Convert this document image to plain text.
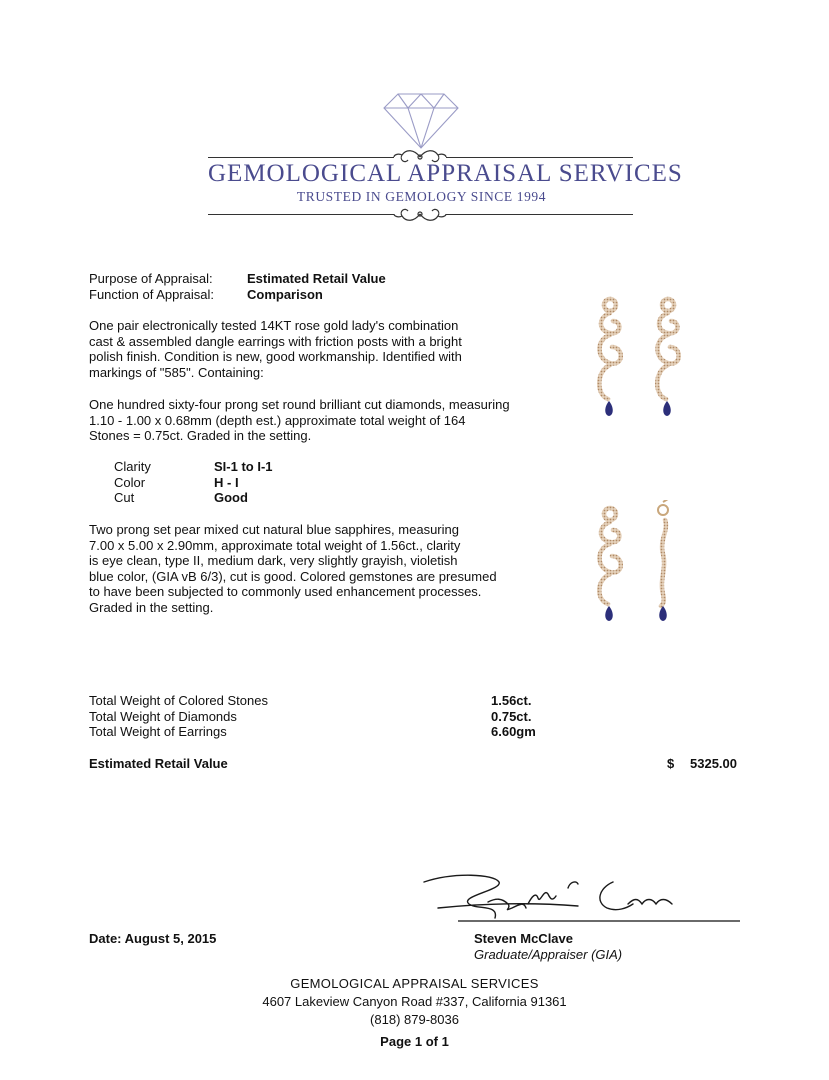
GEMOLOGICAL APPRAISAL SERVICES
TRUSTED IN GEMOLOGY SINCE 1994
Purpose of Appraisal:	Estimated Retail Value
Function of Appraisal:	Comparison
One pair electronically tested 14KT rose gold lady's combination
cast & assembled dangle earrings with friction posts with a bright
polish finish. Condition is new, good workmanship. Identified with
markings of "585". Containing:
One hundred sixty-four prong set round brilliant cut diamonds, measuring
1.10 - 1.00 x 0.68mm (depth est.) approximate total weight of 164
Stones = 0.75ct. Graded in the setting.
Clarity	SI-1 to I-1
Color	H - I
Cut	Good
Two prong set pear mixed cut natural blue sapphires, measuring
7.00 x 5.00 x 2.90mm, approximate total weight of 1.56ct., clarity
is eye clean, type II, medium dark, very slightly grayish, violetish
blue color, (GIA vB 6/3), cut is good. Colored gemstones are presumed
to have been subjected to commonly used enhancement processes.
Graded in the setting.
Total Weight of Colored Stones	1.56ct.
Total Weight of Diamonds	0.75ct.
Total Weight of Earrings	6.60gm
Estimated Retail Value	$ 5325.00
Date: August 5, 2015	Steven McClave
Graduate/Appraiser (GIA)
GEMOLOGICAL APPRAISAL SERVICES
4607 Lakeview Canyon Road #337, California 91361
(818) 879-8036
Page 1 of 1
